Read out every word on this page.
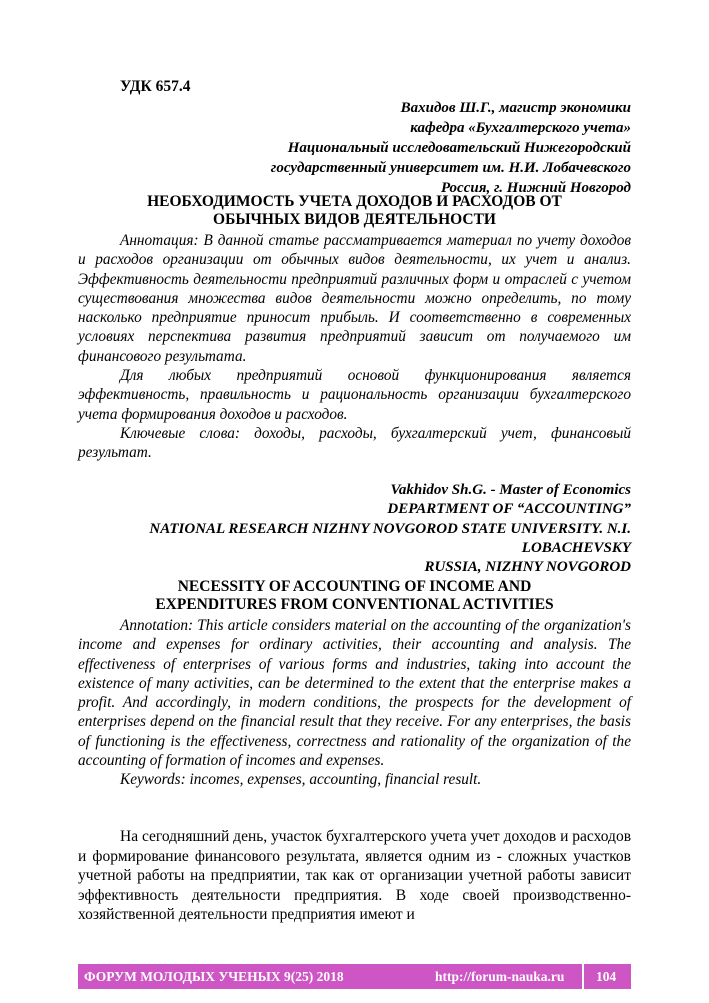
УДК 657.4
Вахидов Ш.Г., магистр экономики
кафедра «Бухгалтерского учета»
Национальный исследовательский Нижегородский
государственный университет им. Н.И. Лобачевского
Россия, г. Нижний Новгород
НЕОБХОДИМОСТЬ УЧЕТА ДОХОДОВ И РАСХОДОВ ОТ
ОБЫЧНЫХ ВИДОВ ДЕЯТЕЛЬНОСТИ

Аннотация: В данной статье рассматривается материал по учету доходов и расходов организации от обычных видов деятельности, их учет и анализ. Эффективность деятельности предприятий различных форм и отраслей с учетом существования множества видов деятельности можно определить, по тому насколько предприятие приносит прибыль. И соответственно в современных условиях перспектива развития предприятий зависит от получаемого им финансового результата.

Для любых предприятий основой функционирования является эффективность, правильность и рациональность организации бухгалтерского учета формирования доходов и расходов.

Ключевые слова: доходы, расходы, бухгалтерский учет, финансовый результат.

Vakhidov Sh.G. - Master of Economics
DEPARTMENT OF “ACCOUNTING”
NATIONAL RESEARCH NIZHNY NOVGOROD STATE UNIVERSITY. N.I.
LOBACHEVSKY
RUSSIA, NIZHNY NOVGOROD
NECESSITY OF ACCOUNTING OF INCOME AND
EXPENDITURES FROM CONVENTIONAL ACTIVITIES

Annotation: This article considers material on the accounting of the organization's income and expenses for ordinary activities, their accounting and analysis. The effectiveness of enterprises of various forms and industries, taking into account the existence of many activities, can be determined to the extent that the enterprise makes a profit. And accordingly, in modern conditions, the prospects for the development of enterprises depend on the financial result that they receive. For any enterprises, the basis of functioning is the effectiveness, correctness and rationality of the organization of the accounting of formation of incomes and expenses.

Keywords: incomes, expenses, accounting, financial result.

На сегодняшний день, участок бухгалтерского учета учет доходов и расходов и формирование финансового результата, является одним из - сложных участков учетной работы на предприятии, так как от организации учетной работы зависит эффективность деятельности предприятия. В ходе своей производственно-хозяйственной деятельности предприятия имеют и

ФОРУМ МОЛОДЫХ УЧЕНЫХ 9(25) 2018	http://forum-nauka.ru 104
